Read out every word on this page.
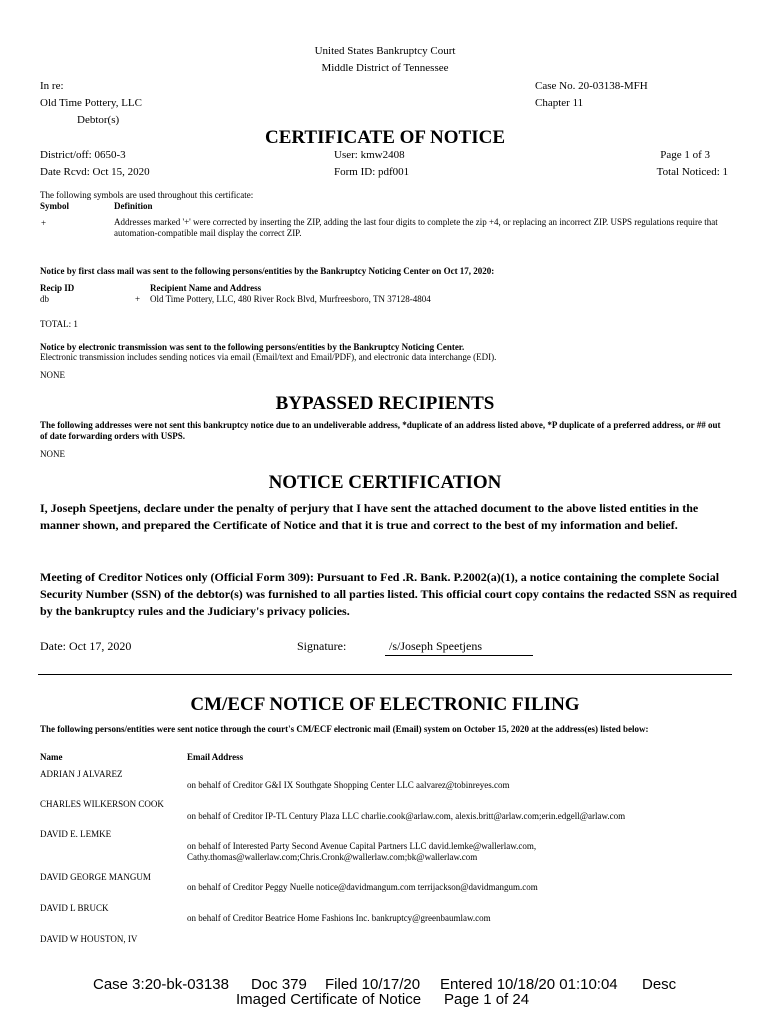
United States Bankruptcy Court
Middle District of Tennessee
In re:
Old Time Pottery, LLC
Debtor(s)
Case No. 20-03138-MFH
Chapter 11
CERTIFICATE OF NOTICE
District/off: 0650-3
Date Rcvd: Oct 15, 2020
User: kmw2408
Form ID: pdf001
Page 1 of 3
Total Noticed: 1
The following symbols are used throughout this certificate:
Symbol	Definition
+	Addresses marked '+' were corrected by inserting the ZIP, adding the last four digits to complete the zip +4, or replacing an incorrect ZIP. USPS regulations require that automation-compatible mail display the correct ZIP.
Notice by first class mail was sent to the following persons/entities by the Bankruptcy Noticing Center on Oct 17, 2020:
Recip ID	Recipient Name and Address
db	+ Old Time Pottery, LLC, 480 River Rock Blvd, Murfreesboro, TN 37128-4804
TOTAL: 1
Notice by electronic transmission was sent to the following persons/entities by the Bankruptcy Noticing Center.
Electronic transmission includes sending notices via email (Email/text and Email/PDF), and electronic data interchange (EDI).
NONE
BYPASSED RECIPIENTS
The following addresses were not sent this bankruptcy notice due to an undeliverable address, *duplicate of an address listed above, *P duplicate of a preferred address, or ## out of date forwarding orders with USPS.
NONE
NOTICE CERTIFICATION
I, Joseph Speetjens, declare under the penalty of perjury that I have sent the attached document to the above listed entities in the manner shown, and prepared the Certificate of Notice and that it is true and correct to the best of my information and belief.
Meeting of Creditor Notices only (Official Form 309): Pursuant to Fed .R. Bank. P.2002(a)(1), a notice containing the complete Social Security Number (SSN) of the debtor(s) was furnished to all parties listed. This official court copy contains the redacted SSN as required by the bankruptcy rules and the Judiciary's privacy policies.
Date: Oct 17, 2020	Signature:	/s/Joseph Speetjens
CM/ECF NOTICE OF ELECTRONIC FILING
The following persons/entities were sent notice through the court's CM/ECF electronic mail (Email) system on October 15, 2020 at the address(es) listed below:
Name	Email Address
ADRIAN J ALVAREZ
on behalf of Creditor G&I IX Southgate Shopping Center LLC aalvarez@tobinreyes.com
CHARLES WILKERSON COOK
on behalf of Creditor IP-TL Century Plaza LLC charlie.cook@arlaw.com, alexis.britt@arlaw.com;erin.edgell@arlaw.com
DAVID E. LEMKE
on behalf of Interested Party Second Avenue Capital Partners LLC david.lemke@wallerlaw.com,
Cathy.thomas@wallerlaw.com;Chris.Cronk@wallerlaw.com;bk@wallerlaw.com
DAVID GEORGE MANGUM
on behalf of Creditor Peggy Nuelle notice@davidmangum.com terrijackson@davidmangum.com
DAVID L BRUCK
on behalf of Creditor Beatrice Home Fashions Inc. bankruptcy@greenbaumlaw.com
DAVID W HOUSTON, IV
Case 3:20-bk-03138 Doc 379 Filed 10/17/20 Entered 10/18/20 01:10:04 Desc
Imaged Certificate of Notice Page 1 of 24
